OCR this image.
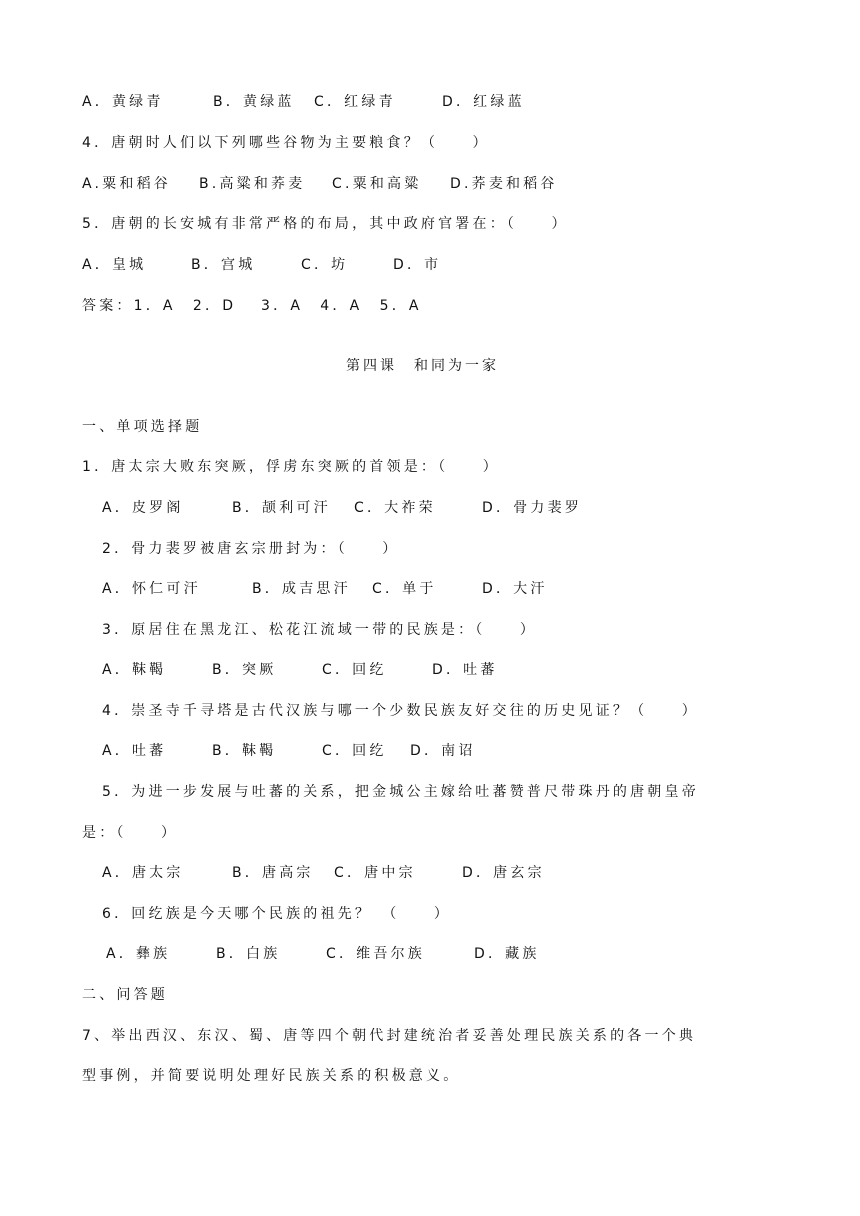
A．黄绿青	B．黄绿蓝 C．红绿青	D．红绿蓝
4．唐朝时人们以下列哪些谷物为主要粮食？（　　）
A.粟和稻谷 B.高粱和荞麦 C.粟和高粱 D.荞麦和稻谷
5．唐朝的长安城有非常严格的布局，其中政府官署在：（　　）
A．皇城	B．宫城	C．坊	D．市
答案：1．A　2．D　 3．A　4．A　5．A
第四课　和同为一家
一、单项选择题
1．唐太宗大败东突厥，俘虏东突厥的首领是：（　　）
A．皮罗阁	B．颉利可汗 C．大祚荣	D．骨力裴罗
2．骨力裴罗被唐玄宗册封为：（　　）
A．怀仁可汗	B．成吉思汗 C．单于	D．大汗
3．原居住在黑龙江、松花江流域一带的民族是：（　　）
A．靺鞨	B．突厥	C．回纥	D．吐蕃
4．崇圣寺千寻塔是古代汉族与哪一个少数民族友好交往的历史见证？（　　）
A．吐蕃	B．靺鞨	C．回纥 D．南诏
5．为进一步发展与吐蕃的关系，把金城公主嫁给吐蕃赞普尺带珠丹的唐朝皇帝
是：（　　）
A．唐太宗	B．唐高宗 C．唐中宗	D．唐玄宗
6．回纥族是今天哪个民族的祖先？　（　　）
A．彝族	B．白族	C．维吾尔族	D．藏族
二、问答题
7、举出西汉、东汉、蜀、唐等四个朝代封建统治者妥善处理民族关系的各一个典
型事例，并简要说明处理好民族关系的积极意义。
